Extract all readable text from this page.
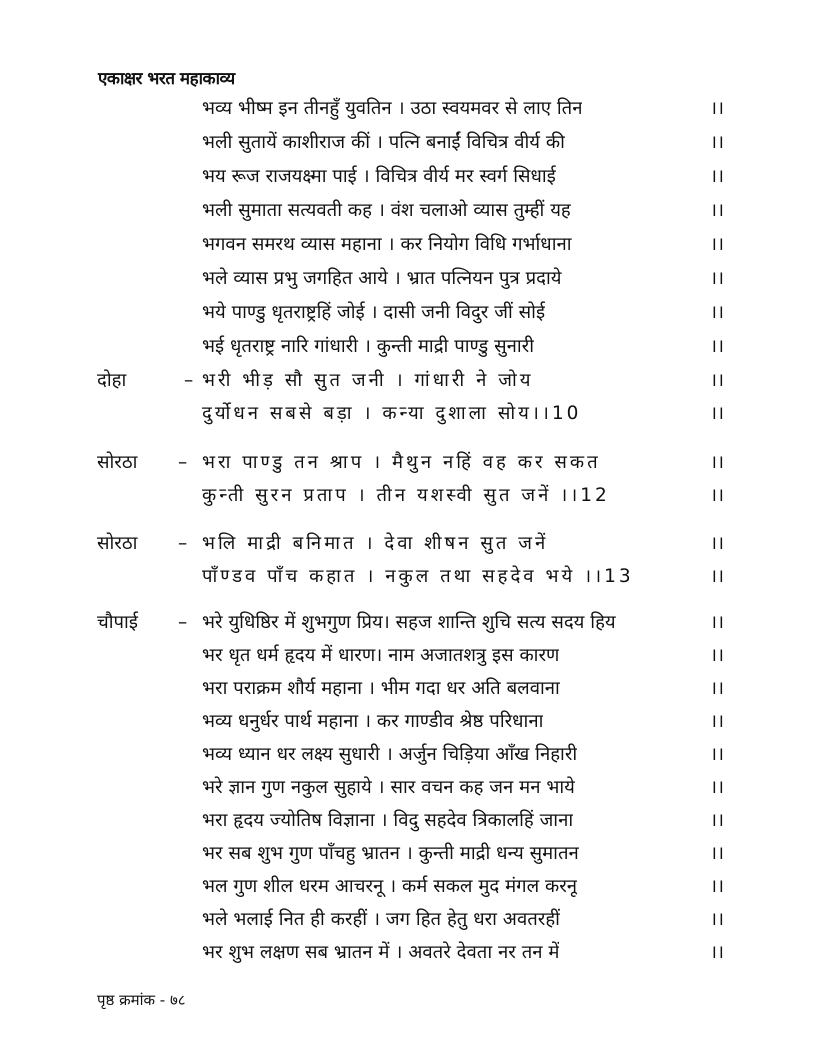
एकाक्षर भरत महाकाव्य
भव्य भीष्म इन तीनहुँ युवतिन । उठा स्वयमवर से लाए तिन	।।
भली सुतायें काशीराज कीं । पत्नि बनाईं विचित्र वीर्य की	।।
भय रूज राजयक्ष्मा पाई । विचित्र वीर्य मर स्वर्ग सिधाई	।।
भली सुमाता सत्यवती कह । वंश चलाओ व्यास तुम्हीं यह	।।
भगवन समरथ व्यास महाना । कर नियोग विधि गर्भाधाना	।।
भले व्यास प्रभु जगहित आये । भ्रात पत्नियन पुत्र प्रदाये	।।
भये पाण्डु धृतराष्ट्रहिं जोई । दासी जनी विदुर जीं सोई	।।
भई धृतराष्ट्र नारि गांधारी । कुन्ती माद्री पाण्डु सुनारी	।।
दोहा	– भरी भीड़ सौ सुत जनी । गांधारी ने जोय	।।
दुर्योधन सबसे बड़ा । कन्या दुशाला सोय।।10	।।
सोरठा – भरा पाण्डु तन श्राप । मैथुन नहिं वह कर सकत	।।
कुन्ती सुरन प्रताप । तीन यशस्वी सुत जनें ।।12	।।
सोरठा – भलि माद्री बनिमात । देवा शीषन सुत जनें	।।
पाँण्डव पाँच कहात । नकुल तथा सहदेव भये ।।13	।।
चौपाई – भरे युधिष्ठिर में शुभगुण प्रिय। सहज शान्ति शुचि सत्य सदय हिय	।।
भर धृत धर्म हृदय में धारण। नाम अजातशत्रु इस कारण	।।
भरा पराक्रम शौर्य महाना । भीम गदा धर अति बलवाना	।।
भव्य धनुर्धर पार्थ महाना । कर गाण्डीव श्रेष्ठ परिधाना	।।
भव्य ध्यान धर लक्ष्य सुधारी । अर्जुन चिड़िया आँख निहारी	।।
भरे ज्ञान गुण नकुल सुहाये । सार वचन कह जन मन भाये	।।
भरा हृदय ज्योतिष विज्ञाना । विदु सहदेव त्रिकालहिं जाना	।।
भर सब शुभ गुण पाँचहु भ्रातन । कुन्ती माद्री धन्य सुमातन	।।
भल गुण शील धरम आचरनू । कर्म सकल मुद मंगल करनू	।।
भले भलाई नित ही करहीं । जग हित हेतु धरा अवतरहीं	।।
भर शुभ लक्षण सब भ्रातन में । अवतरे देवता नर तन में	।।
पृष्ठ क्रमांक - ७८
